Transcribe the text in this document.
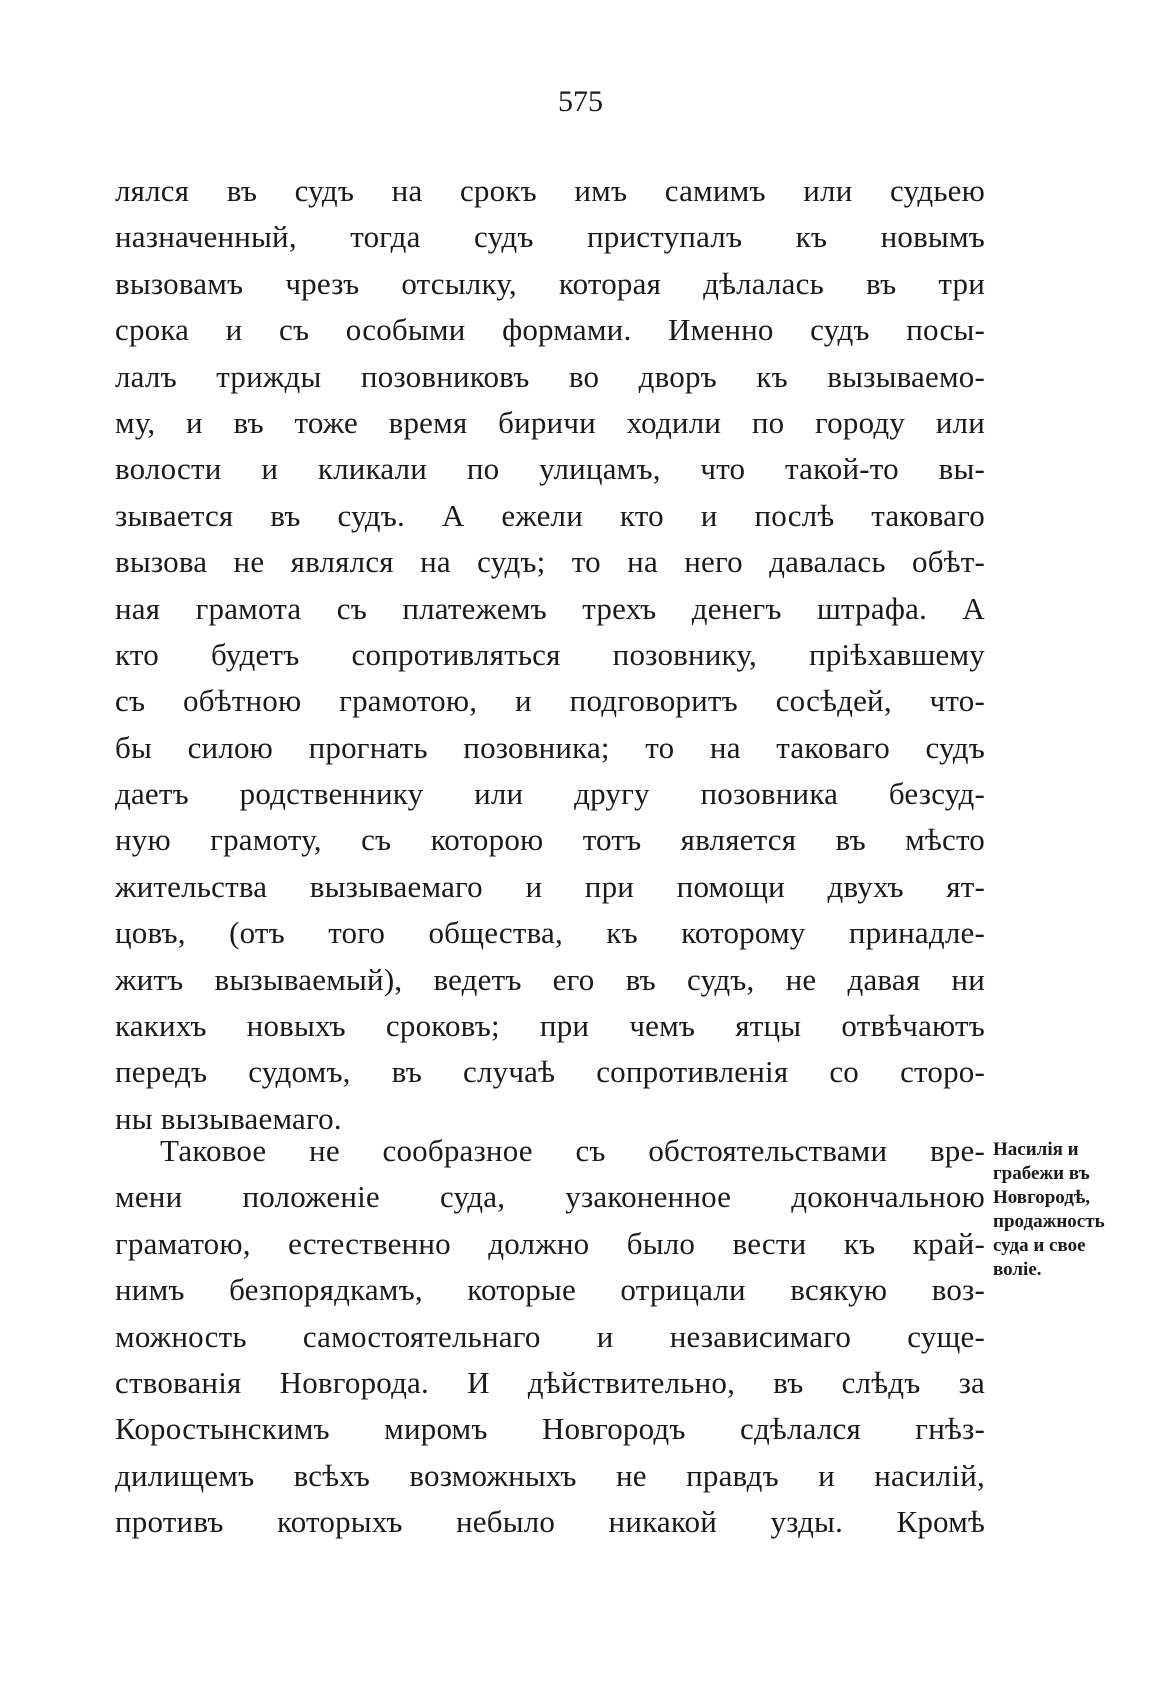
575
лялся въ судъ на срокъ имъ самимъ или судьею
назначенный, тогда судъ приступалъ къ новымъ
вызовамъ чрезъ отсылку, которая дѣлалась въ три
срока и съ особыми формами. Именно судъ посы-
лалъ трижды позовниковъ во дворъ къ вызываемо-
му, и въ тоже время биричи ходили по городу или
волости и кликали по улицамъ, что такой-то вы-
зывается въ судъ. А ежели кто и послѣ таковаго
вызова не являлся на судъ; то на него давалась обѣт-
ная грамота съ платежемъ трехъ денегъ штрафа. А
кто будетъ сопротивляться позовнику, пріѣхавшему
съ обѣтною грамотою, и подговоритъ сосѣдей, что-
бы силою прогнать позовника; то на таковаго судъ
даетъ родственнику или другу позовника безсуд-
ную грамоту, съ которою тотъ является въ мѣсто
жительства вызываемаго и при помощи двухъ ят-
цовъ, (отъ того общества, къ которому принадле-
житъ вызываемый), ведетъ его въ судъ, не давая ни
какихъ новыхъ сроковъ; при чемъ ятцы отвѣчаютъ
передъ судомъ, въ случаѣ сопротивленія со сторо-
ны вызываемаго.
Таковое не сообразное съ обстоятельствами вре-
мени положеніе суда, узаконенное докончальною
граматою, естественно должно было вести къ край-
нимъ безпорядкамъ, которые отрицали всякую воз-
можность самостоятельнаго и независимаго суще-
ствованія Новгорода. И дѣйствительно, въ слѣдъ за
Коростынскимъ миромъ Новгородъ сдѣлался гнѣз-
дилищемъ всѣхъ возможныхъ не правдъ и насилій,
противъ которыхъ небыло никакой узды. Кромѣ
Насилія и
грабежи въ
Новгородѣ,
продажность
суда и свое
воліе.
